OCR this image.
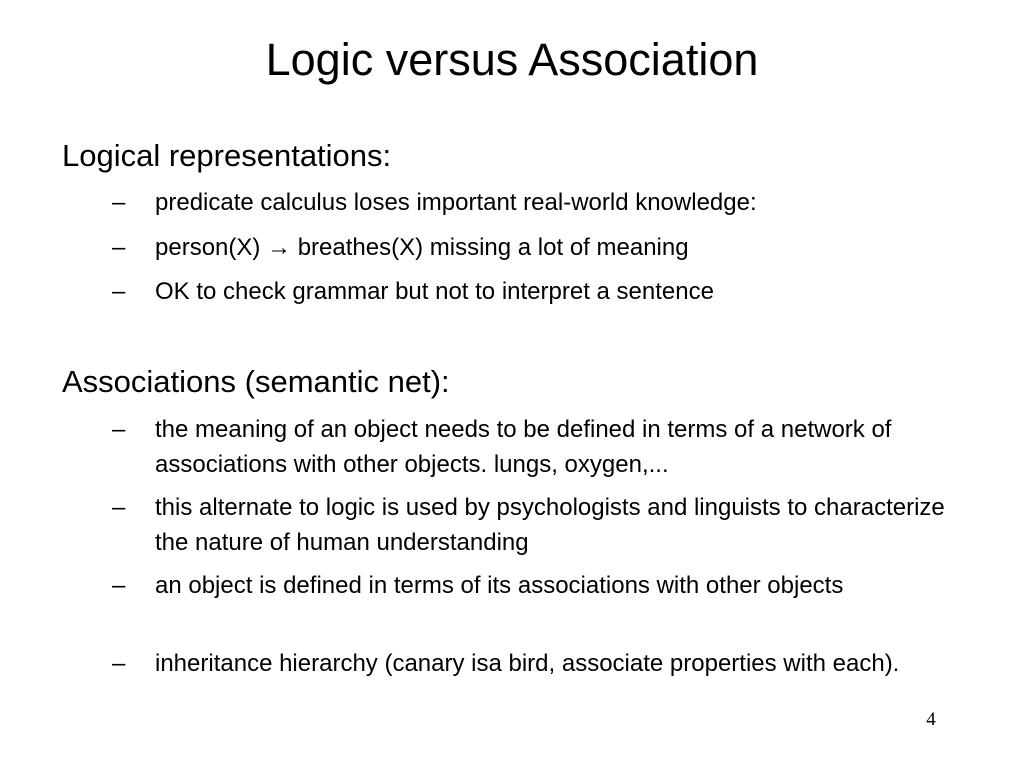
Logic versus Association

Logical representations:

–	predicate calculus loses important real-world knowledge:
–	person(X) → breathes(X) missing a lot of meaning
–	OK to check grammar but not to interpret a sentence

Associations (semantic net):

–	the meaning of an object needs to be defined in terms of a network of associations with other objects. lungs, oxygen,...
–	this alternate to logic is used by psychologists and linguists to characterize the nature of human understanding
–	an object is defined in terms of its associations with other objects
–	inheritance hierarchy (canary isa bird, associate properties with each).
4
